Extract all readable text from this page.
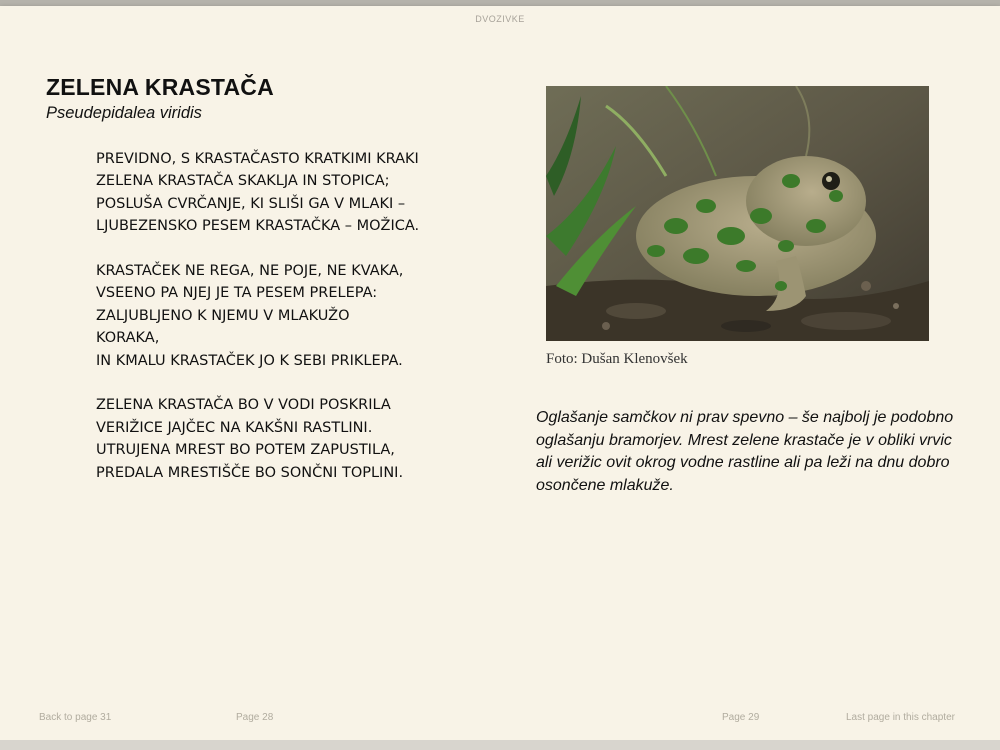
DVOZIVKE
ZELENA KRASTAČA
Pseudepidalea viridis
PREVIDNO, S KRASTAČASTO KRATKIMI KRAKI
ZELENA KRASTAČA SKAKLJA IN STOPICA;
POSLUŠA CVRČANJE, KI SLIŠI GA V MLAKI –
LJUBEZENSKO PESEM KRASTAČKA – MOŽICA.
KRASTAČEK NE REGA, NE POJE, NE KVAKA,
VSEENO PA NJEJ JE TA PESEM PRELEPA:
ZALJUBLJENO K NJEMU V MLAKUŽO
KORAKA,
IN KMALU KRASTAČEK JO K SEBI PRIKLEPA.
ZELENA KRASTAČA BO V VODI POSKRILA
VERIŽICE JAJČEC NA KAKŠNI RASTLINI.
UTRUJENA MREST BO POTEM ZAPUSTILA,
PREDALA MRESTIŠČE BO SONČNI TOPLINI.
Back to page 31	Page 28
Foto: Dušan Klenovšek
Oglašanje samčkov ni prav spevno – še najbolj je podobno oglašanju bramorjev. Mrest zelene krastače je v obliki vrvic ali verižic ovit okrog vodne rastline ali pa leži na dnu dobro osončene mlakuže.
Page 29	Last page in this chapter
